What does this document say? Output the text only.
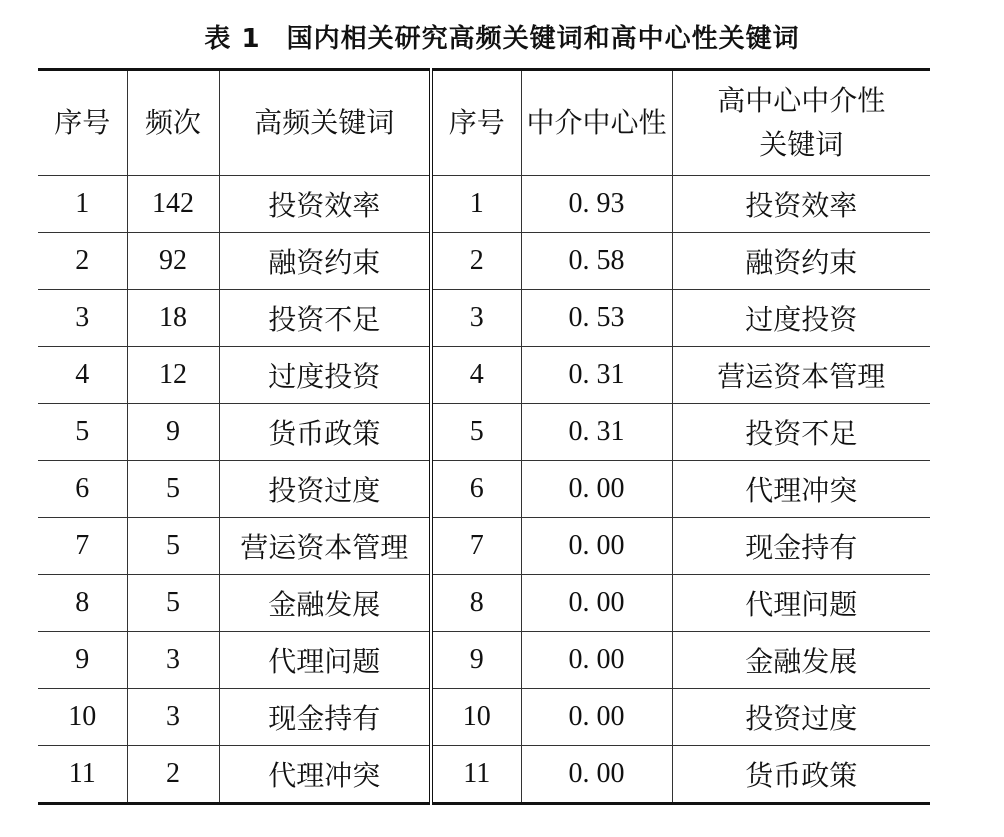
表 1 国内相关研究高频关键词和高中心性关键词
序号	频次	高频关键词	序号	中介中心性	高中心中介性
关键词

1	142	投资效率	1	0. 93	投资效率
2	92	融资约束	2	0. 58	融资约束
3	18	投资不足	3	0. 53	过度投资
4	12	过度投资	4	0. 31	营运资本管理
5	9	货币政策	5	0. 31	投资不足
6	5	投资过度	6	0. 00	代理冲突
7	5	营运资本管理	7	0. 00	现金持有
8	5	金融发展	8	0. 00	代理问题
9	3	代理问题	9	0. 00	金融发展
10	3	现金持有	10	0. 00	投资过度
11	2	代理冲突	11	0. 00	货币政策
